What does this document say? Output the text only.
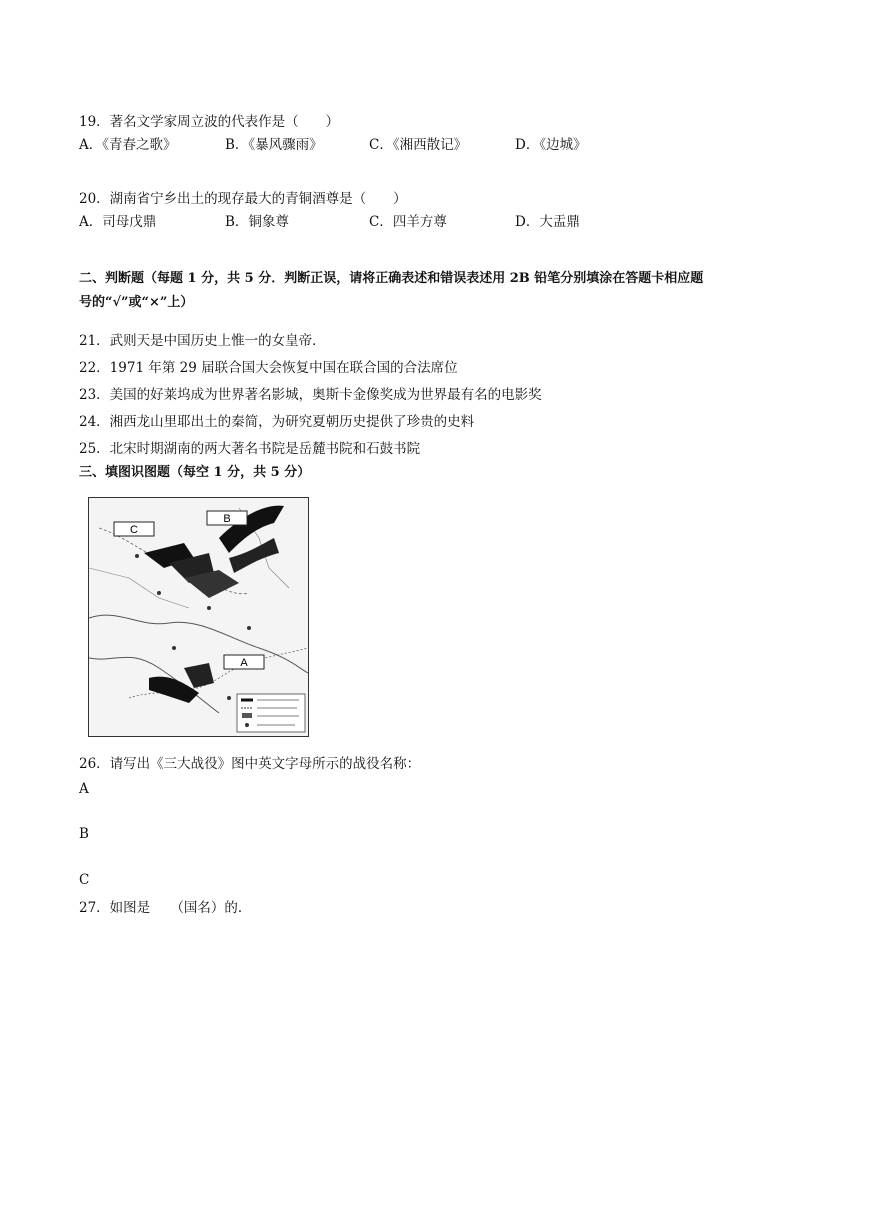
19．著名文学家周立波的代表作是（　　）
A．《青春之歌》	B．《暴风骤雨》	C．《湘西散记》	D．《边城》
20．湖南省宁乡出土的现存最大的青铜酒尊是（　　）
A．司母戊鼎	B．铜象尊	C．四羊方尊	D．大盂鼎
二、判断题（每题 1 分，共 5 分．判断正误，请将正确表述和错误表述用 2B 铅笔分别填涂在答题卡相应题
号的“√”或“×”上）
21．武则天是中国历史上惟一的女皇帝．
22．1971 年第 29 届联合国大会恢复中国在联合国的合法席位
23．美国的好莱坞成为世界著名影城，奥斯卡金像奖成为世界最有名的电影奖
24．湘西龙山里耶出土的秦简，为研究夏朝历史提供了珍贵的史料
25．北宋时期湖南的两大著名书院是岳麓书院和石鼓书院
三、填图识图题（每空 1 分，共 5 分）
C
B
A
26．请写出《三大战役》图中英文字母所示的战役名称：
A
B
C
27．如图是　　（国名）的．
